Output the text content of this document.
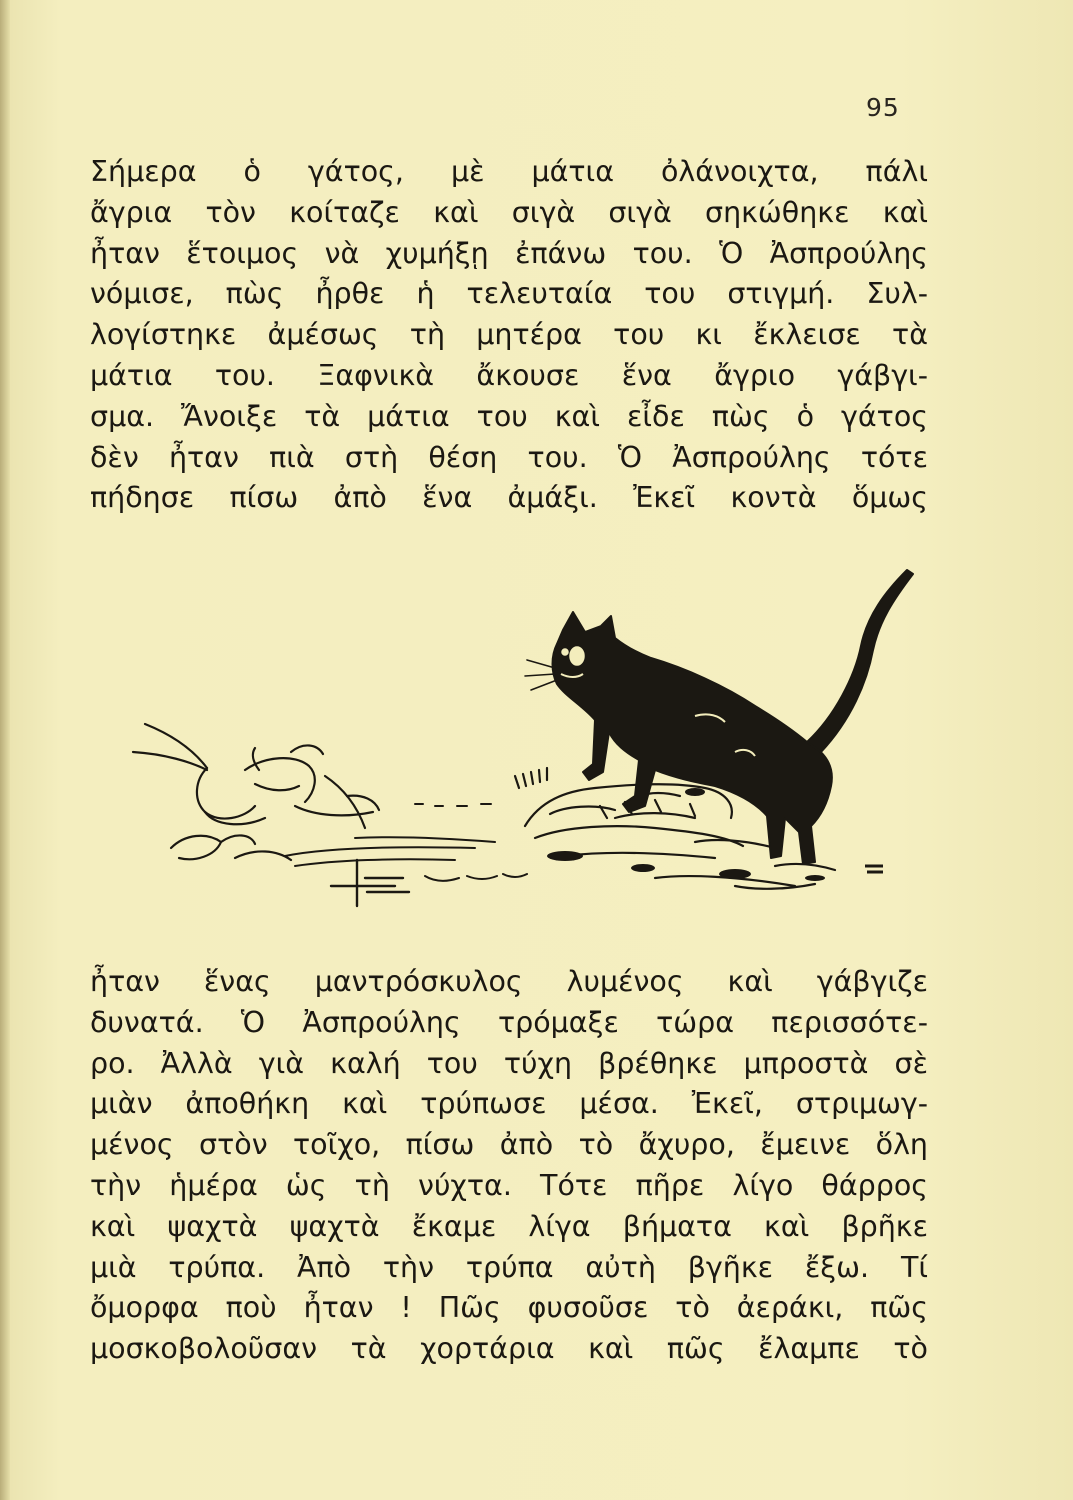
95
Σήμερα ὁ γάτος, μὲ μάτια ὀλάνοιχτα, πάλι
ἄγρια τὸν κοίταζε καὶ σιγὰ σιγὰ σηκώθηκε καὶ
ἦταν ἕτοιμος νὰ χυμήξῃ ἐπάνω του. Ὁ Ἀσπρούλης
νόμισε, πὼς ἦρθε ἡ τελευταία του στιγμή. Συλ-
λογίστηκε ἀμέσως τὴ μητέρα του κι ἔκλεισε τὰ
μάτια του. Ξαφνικὰ ἄκουσε ἕνα ἄγριο γάβγι-
σμα. Ἄνοιξε τὰ μάτια του καὶ εἶδε πὼς ὁ γάτος
δὲν ἦταν πιὰ στὴ θέση του. Ὁ Ἀσπρούλης τότε
πήδησε πίσω ἀπὸ ἕνα ἀμάξι. Ἐκεῖ κοντὰ ὅμως
ἦταν ἕνας μαντρόσκυλος λυμένος καὶ γάβγιζε
δυνατά. Ὁ Ἀσπρούλης τρόμαξε τώρα περισσότε-
ρο. Ἀλλὰ γιὰ καλή του τύχη βρέθηκε μπροστὰ σὲ
μιὰν ἀποθήκη καὶ τρύπωσε μέσα. Ἐκεῖ, στριμωγ-
μένος στὸν τοῖχο, πίσω ἀπὸ τὸ ἄχυρο, ἔμεινε ὅλη
τὴν ἡμέρα ὡς τὴ νύχτα. Τότε πῆρε λίγο θάρρος
καὶ ψαχτὰ ψαχτὰ ἔκαμε λίγα βήματα καὶ βρῆκε
μιὰ τρύπα. Ἀπὸ τὴν τρύπα αὐτὴ βγῆκε ἔξω. Τί
ὄμορφα ποὺ ἦταν ! Πῶς φυσοῦσε τὸ ἀεράκι, πῶς
μοσκοβολοῦσαν τὰ χορτάρια καὶ πῶς ἔλαμπε τὸ
